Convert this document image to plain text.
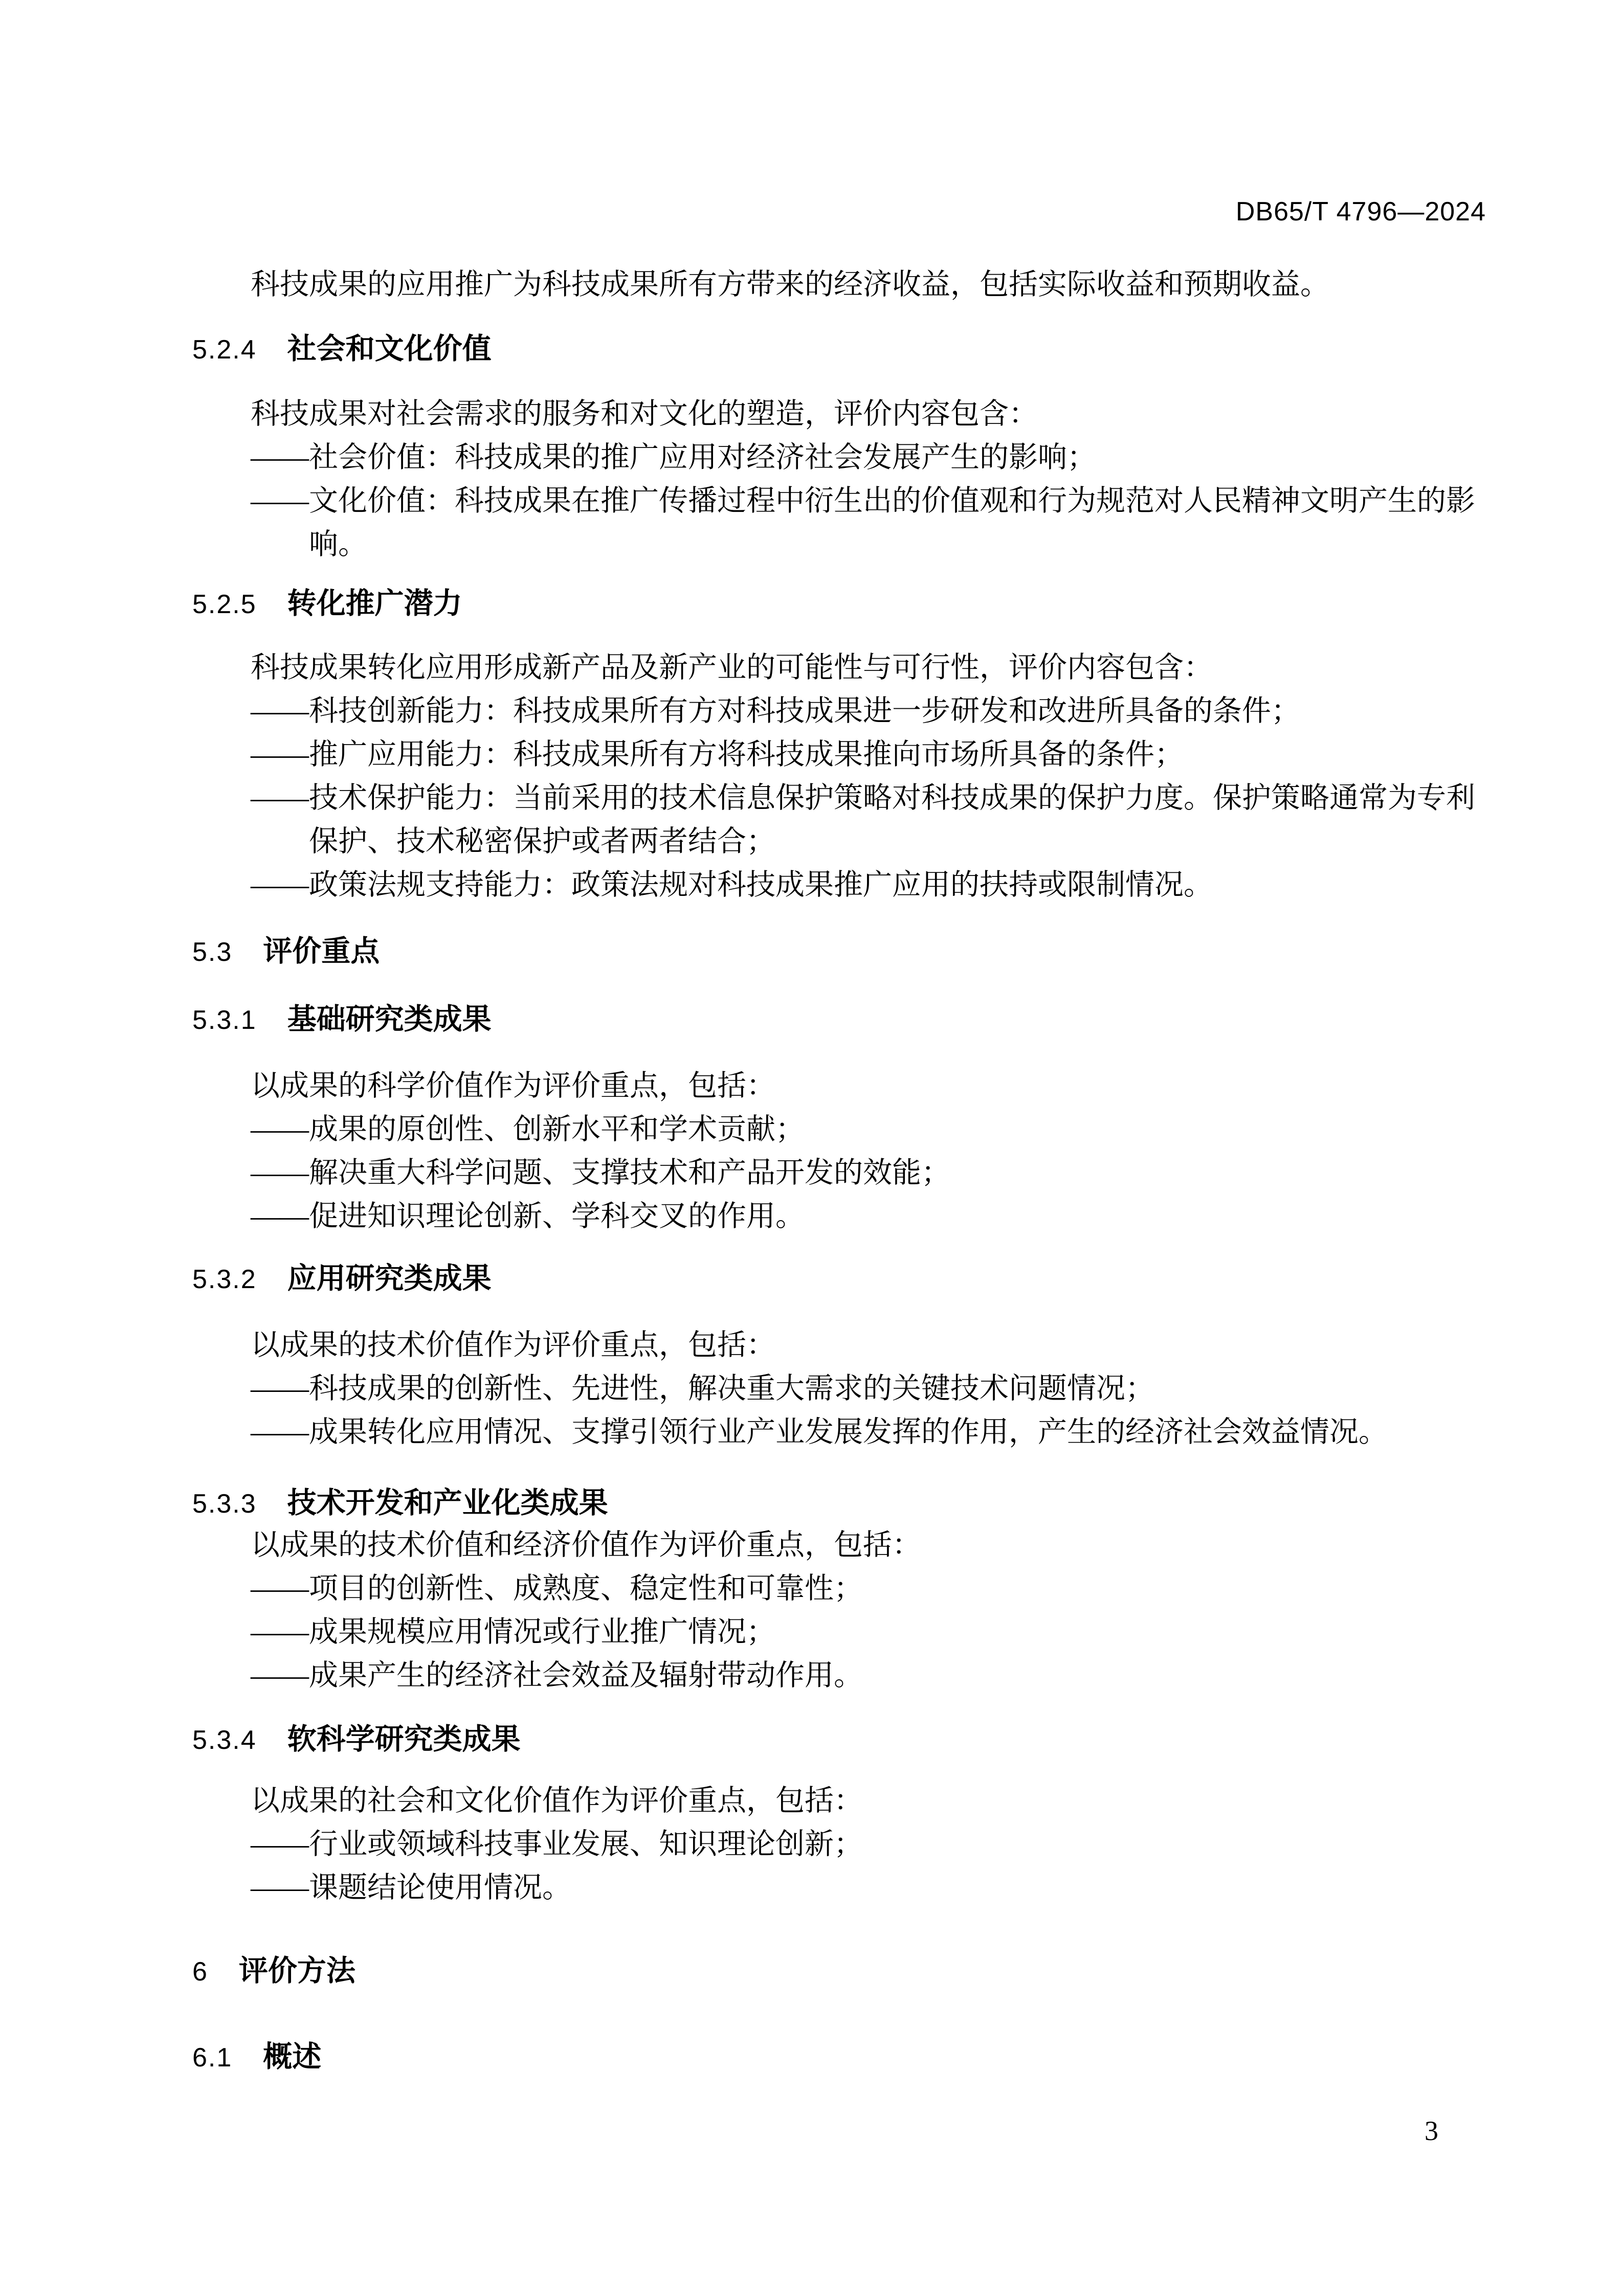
DB65/T 4796—2024
科技成果的应用推广为科技成果所有方带来的经济收益，包括实际收益和预期收益。
5.2.4 社会和文化价值
科技成果对社会需求的服务和对文化的塑造，评价内容包含：
——社会价值：科技成果的推广应用对经济社会发展产生的影响；
——文化价值：科技成果在推广传播过程中衍生出的价值观和行为规范对人民精神文明产生的影
响。
5.2.5 转化推广潜力
科技成果转化应用形成新产品及新产业的可能性与可行性，评价内容包含：
——科技创新能力：科技成果所有方对科技成果进一步研发和改进所具备的条件；
——推广应用能力：科技成果所有方将科技成果推向市场所具备的条件；
——技术保护能力：当前采用的技术信息保护策略对科技成果的保护力度。保护策略通常为专利
保护、技术秘密保护或者两者结合；
——政策法规支持能力：政策法规对科技成果推广应用的扶持或限制情况。
5.3 评价重点
5.3.1 基础研究类成果
以成果的科学价值作为评价重点，包括：
——成果的原创性、创新水平和学术贡献；
——解决重大科学问题、支撑技术和产品开发的效能；
——促进知识理论创新、学科交叉的作用。
5.3.2 应用研究类成果
以成果的技术价值作为评价重点，包括：
——科技成果的创新性、先进性，解决重大需求的关键技术问题情况；
——成果转化应用情况、支撑引领行业产业发展发挥的作用，产生的经济社会效益情况。
5.3.3 技术开发和产业化类成果
以成果的技术价值和经济价值作为评价重点，包括：
——项目的创新性、成熟度、稳定性和可靠性；
——成果规模应用情况或行业推广情况；
——成果产生的经济社会效益及辐射带动作用。
5.3.4 软科学研究类成果
以成果的社会和文化价值作为评价重点，包括：
——行业或领域科技事业发展、知识理论创新；
——课题结论使用情况。
6 评价方法
6.1 概述
3
